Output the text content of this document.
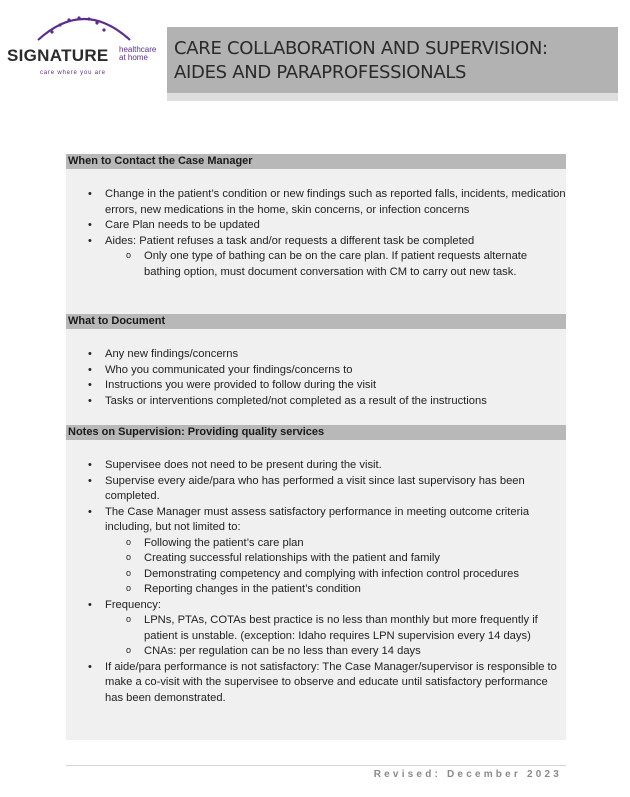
SIGNATURE healthcare
at home
care where you are
CARE COLLABORATION AND SUPERVISION:
AIDES AND PARAPROFESSIONALS
When to Contact the Case Manager
• Change in the patient’s condition or new findings such as reported falls, incidents, medication errors, new medications in the home, skin concerns, or infection concerns
• Care Plan needs to be updated
• Aides: Patient refuses a task and/or requests a different task be completed
o Only one type of bathing can be on the care plan. If patient requests alternate bathing option, must document conversation with CM to carry out new task.
What to Document
• Any new findings/concerns
• Who you communicated your findings/concerns to
• Instructions you were provided to follow during the visit
• Tasks or interventions completed/not completed as a result of the instructions
Notes on Supervision: Providing quality services
• Supervisee does not need to be present during the visit.
• Supervise every aide/para who has performed a visit since last supervisory has been completed.
• The Case Manager must assess satisfactory performance in meeting outcome criteria including, but not limited to:
o Following the patient’s care plan
o Creating successful relationships with the patient and family
o Demonstrating competency and complying with infection control procedures
o Reporting changes in the patient’s condition
• Frequency:
o LPNs, PTAs, COTAs best practice is no less than monthly but more frequently if patient is unstable. (exception: Idaho requires LPN supervision every 14 days)
o CNAs: per regulation can be no less than every 14 days
• If aide/para performance is not satisfactory: The Case Manager/supervisor is responsible to make a co-visit with the supervisee to observe and educate until satisfactory performance has been demonstrated.
Revised: December 2023
